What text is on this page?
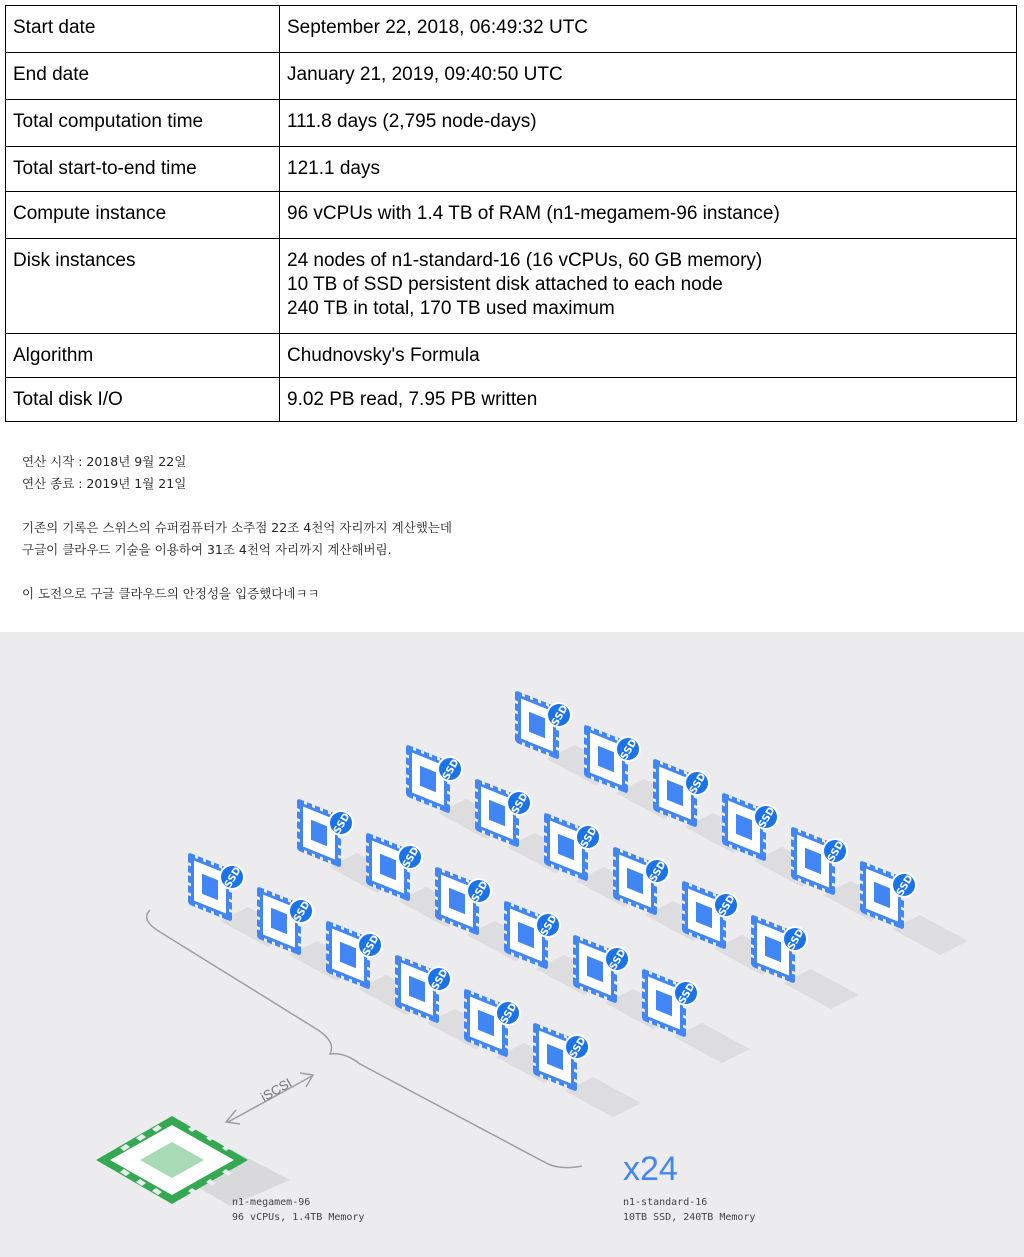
Start date	September 22, 2018, 06:49:32 UTC

End date	January 21, 2019, 09:40:50 UTC

Total computation time	111.8 days (2,795 node-days)

Total start-to-end time	121.1 days

Compute instance	96 vCPUs with 1.4 TB of RAM (n1-megamem-96 instance)

Disk instances	24 nodes of n1-standard-16 (16 vCPUs, 60 GB memory)
10 TB of SSD persistent disk attached to each node
240 TB in total, 170 TB used maximum

Algorithm	Chudnovsky's Formula

Total disk I/O	9.02 PB read, 7.95 PB written
연산 시작 : 2018년 9월 22일
연산 종료 : 2019년 1월 21일
기존의 기록은 스위스의 슈퍼컴퓨터가 소주점 22조 4천억 자리까지 계산했는데
구글이 클라우드 기술을 이용하여 31조 4천억 자리까지 계산해버림.
이 도전으로 구글 클라우드의 안정성을 입증했다네ㅋㅋ
SSD
iSCSI
x24
n1-megamem-96
96 vCPUs, 1.4TB Memory
n1-standard-16
10TB SSD, 240TB Memory
